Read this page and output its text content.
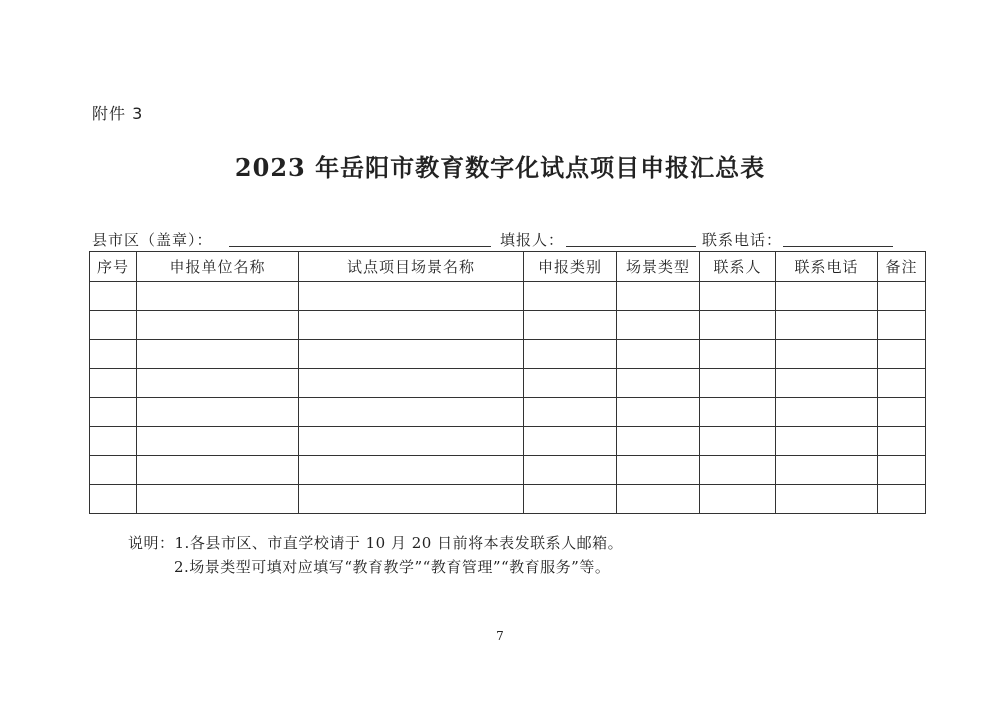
附件 3
2023 年岳阳市教育数字化试点项目申报汇总表
县市区（盖章）：	填报人：	联系电话：
序号	申报单位名称	试点项目场景名称	申报类别	场景类型	联系人	联系电话	备注

说明：1.各县市区、市直学校请于 10 月 20 日前将本表发联系人邮箱。
2.场景类型可填对应填写“教育教学”“教育管理”“教育服务”等。
7
